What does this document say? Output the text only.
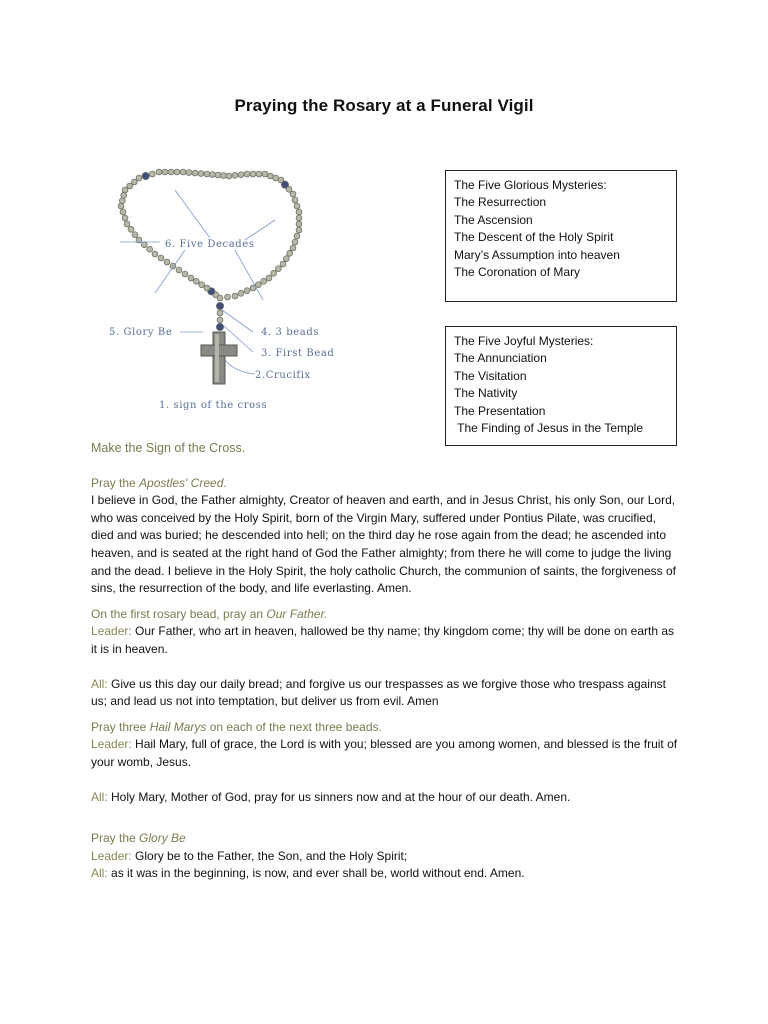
Praying the Rosary at a Funeral Vigil
6. Five Decades
5. Glory Be	4. 3 beads
3. First Bead
2.Crucifix
1. sign of the cross
The Five Glorious Mysteries:
The Resurrection
The Ascension
The Descent of the Holy Spirit
Mary’s Assumption into heaven
The Coronation of Mary
The Five Joyful Mysteries:
The Annunciation
The Visitation
The Nativity
The Presentation
The Finding of Jesus in the Temple

Make the Sign of the Cross.

Pray the Apostles' Creed.

I believe in God, the Father almighty, Creator of heaven and earth, and in Jesus Christ, his only Son, our Lord, who was conceived by the Holy Spirit, born of the Virgin Mary, suffered under Pontius Pilate, was crucified, died and was buried; he descended into hell; on the third day he rose again from the dead; he ascended into heaven, and is seated at the right hand of God the Father almighty; from there he will come to judge the living and the dead. I believe in the Holy Spirit, the holy catholic Church, the communion of saints, the forgiveness of sins, the resurrection of the body, and life everlasting. Amen.

On the first rosary bead, pray an Our Father.

Leader: Our Father, who art in heaven, hallowed be thy name; thy kingdom come; thy will be done on earth as it is in heaven.

All: Give us this day our daily bread; and forgive us our trespasses as we forgive those who trespass against us; and lead us not into temptation, but deliver us from evil. Amen

Pray three Hail Marys on each of the next three beads.

Leader: Hail Mary, full of grace, the Lord is with you; blessed are you among women, and blessed is the fruit of your womb, Jesus.

All: Holy Mary, Mother of God, pray for us sinners now and at the hour of our death. Amen.

Pray the Glory Be

Leader: Glory be to the Father, the Son, and the Holy Spirit;

All: as it was in the beginning, is now, and ever shall be, world without end. Amen.
